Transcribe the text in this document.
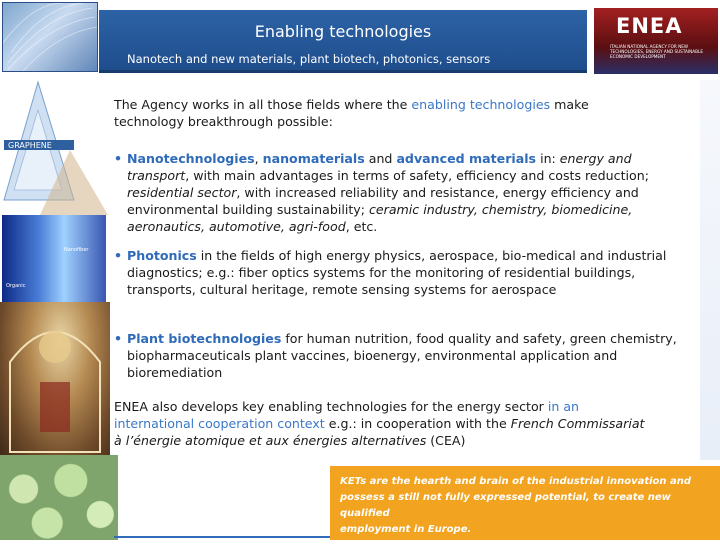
Enabling technologies
Nanotech and new materials, plant biotech, photonics, sensors
ENEA
ITALIAN NATIONAL AGENCY FOR NEW TECHNOLOGIES, ENERGY AND SUSTAINABLE ECONOMIC DEVELOPMENT
GRAPHENE
Nanofiber
Organic
The Agency works in all those fields where the enabling technologies make technology breakthrough possible:
• Nanotechnologies, nanomaterials and advanced materials in: energy and transport, with main advantages in terms of safety, efficiency and costs reduction; residential sector, with increased reliability and resistance, energy efficiency and environmental building sustainability; ceramic industry, chemistry, biomedicine, aeronautics, automotive, agri-food, etc.
• Photonics in the fields of high energy physics, aerospace, bio-medical and industrial diagnostics; e.g.: fiber optics systems for the monitoring of residential buildings, transports, cultural heritage, remote sensing systems for aerospace
• Plant biotechnologies for human nutrition, food quality and safety, green chemistry, biopharmaceuticals plant vaccines, bioenergy, environmental application and bioremediation
ENEA also develops key enabling technologies for the energy sector in an international cooperation context e.g.: in cooperation with the French Commissariat à l’énergie atomique et aux énergies alternatives (CEA)
KETs are the hearth and brain of the industrial innovation and
possess a still not fully expressed potential, to create new qualified
employment in Europe.
Antonio Tajani, Vice President of the EU Commission
